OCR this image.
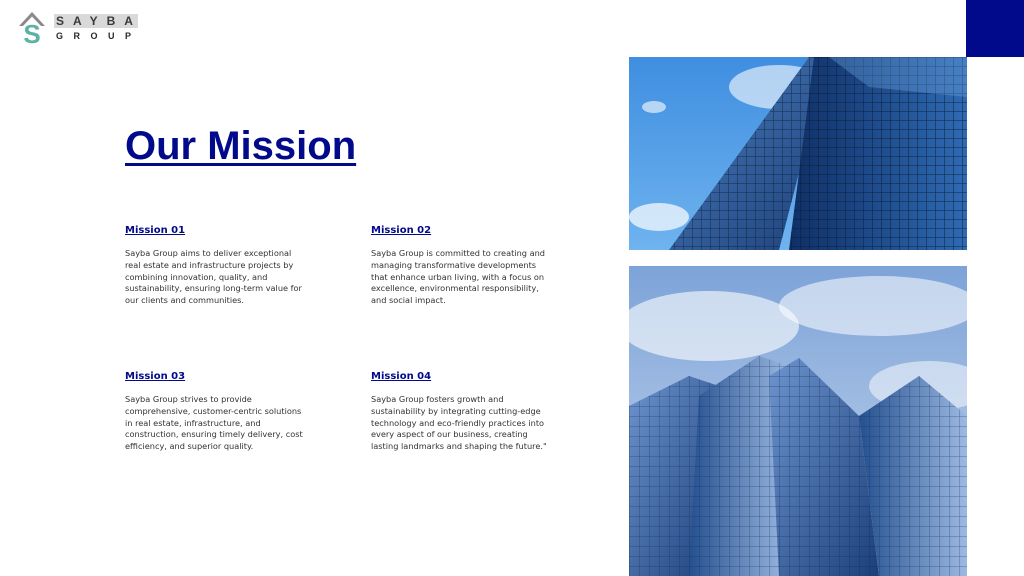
S SAYBA
GROUP
Our Mission
Mission 01
Sayba Group aims to deliver exceptional real estate and infrastructure projects by combining innovation, quality, and sustainability, ensuring long-term value for our clients and communities.
Mission 02
Sayba Group is committed to creating and managing transformative developments that enhance urban living, with a focus on excellence, environmental responsibility, and social impact.
Mission 03
Sayba Group strives to provide comprehensive, customer-centric solutions in real estate, infrastructure, and construction, ensuring timely delivery, cost efficiency, and superior quality.
Mission 04
Sayba Group fosters growth and sustainability by integrating cutting-edge technology and eco-friendly practices into every aspect of our business, creating lasting landmarks and shaping the future."
